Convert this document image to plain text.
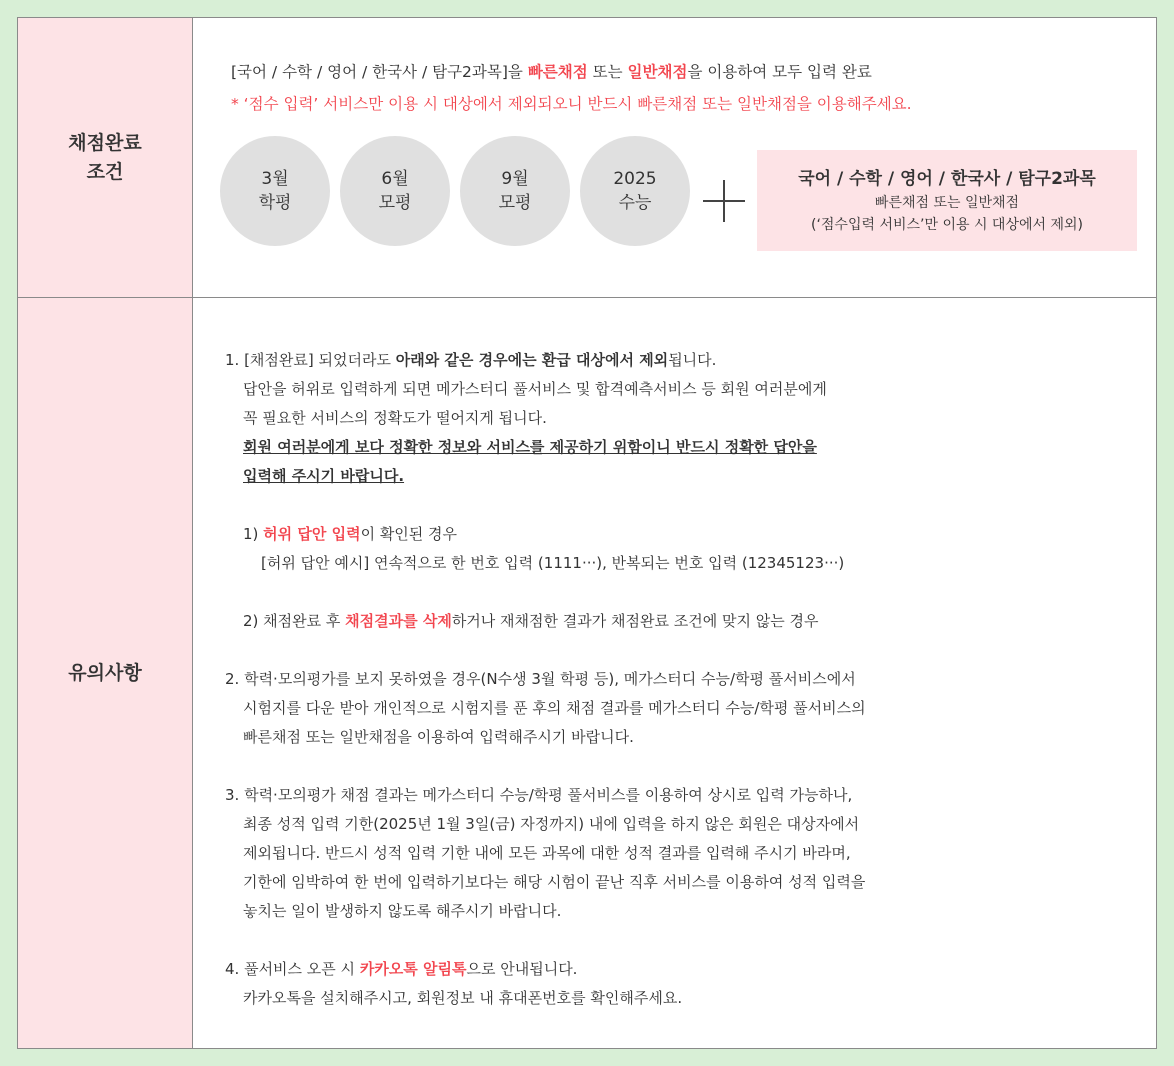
채점완료
조건
[국어 / 수학 / 영어 / 한국사 / 탐구2과목]을 빠른채점 또는 일반채점을 이용하여 모두 입력 완료
* ‘점수 입력’ 서비스만 이용 시 대상에서 제외되오니 반드시 빠른채점 또는 일반채점을 이용해주세요.
3월
학평
6월
모평
9월
모평
2025
수능
국어 / 수학 / 영어 / 한국사 / 탐구2과목
빠른채점 또는 일반채점
(‘점수입력 서비스’만 이용 시 대상에서 제외)
유의사항

1. [채점완료] 되었더라도 아래와 같은 경우에는 환급 대상에서 제외됩니다.

답안을 허위로 입력하게 되면 메가스터디 풀서비스 및 합격예측서비스 등 회원 여러분에게

꼭 필요한 서비스의 정확도가 떨어지게 됩니다.

회원 여러분에게 보다 정확한 정보와 서비스를 제공하기 위함이니 반드시 정확한 답안을

입력해 주시기 바랍니다.

1) 허위 답안 입력이 확인된 경우

[허위 답안 예시] 연속적으로 한 번호 입력 (1111···), 반복되는 번호 입력 (12345123···)

2) 채점완료 후 채점결과를 삭제하거나 재채점한 결과가 채점완료 조건에 맞지 않는 경우

2. 학력·모의평가를 보지 못하였을 경우(N수생 3월 학평 등), 메가스터디 수능/학평 풀서비스에서

시험지를 다운 받아 개인적으로 시험지를 푼 후의 채점 결과를 메가스터디 수능/학평 풀서비스의

빠른채점 또는 일반채점을 이용하여 입력해주시기 바랍니다.

3. 학력·모의평가 채점 결과는 메가스터디 수능/학평 풀서비스를 이용하여 상시로 입력 가능하나,

최종 성적 입력 기한(2025년 1월 3일(금) 자정까지) 내에 입력을 하지 않은 회원은 대상자에서

제외됩니다. 반드시 성적 입력 기한 내에 모든 과목에 대한 성적 결과를 입력해 주시기 바라며,

기한에 임박하여 한 번에 입력하기보다는 해당 시험이 끝난 직후 서비스를 이용하여 성적 입력을

놓치는 일이 발생하지 않도록 해주시기 바랍니다.

4. 풀서비스 오픈 시 카카오톡 알림톡으로 안내됩니다.

카카오톡을 설치해주시고, 회원정보 내 휴대폰번호를 확인해주세요.
